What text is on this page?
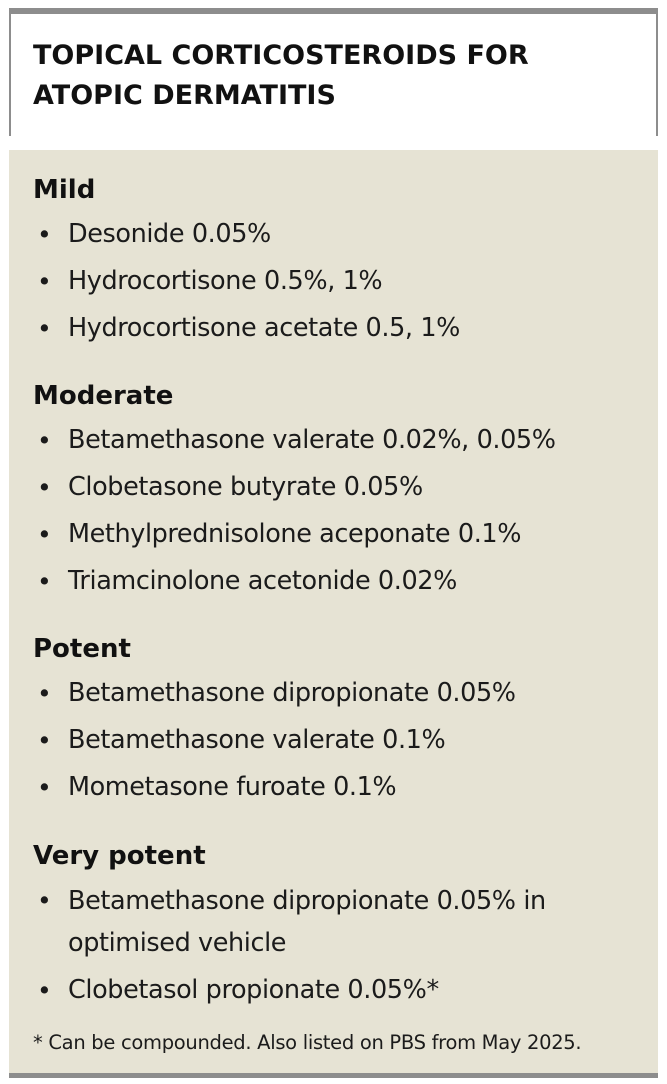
TOPICAL CORTICOSTEROIDS FOR ATOPIC DERMATITIS
Mild
• Desonide 0.05%
• Hydrocortisone 0.5%, 1%
• Hydrocortisone acetate 0.5, 1%
Moderate
• Betamethasone valerate 0.02%, 0.05%
• Clobetasone butyrate 0.05%
• Methylprednisolone aceponate 0.1%
• Triamcinolone acetonide 0.02%
Potent
• Betamethasone dipropionate 0.05%
• Betamethasone valerate 0.1%
• Mometasone furoate 0.1%
Very potent
• Betamethasone dipropionate 0.05% in optimised vehicle
• Clobetasol propionate 0.05%*

* Can be compounded. Also listed on PBS from May 2025.
